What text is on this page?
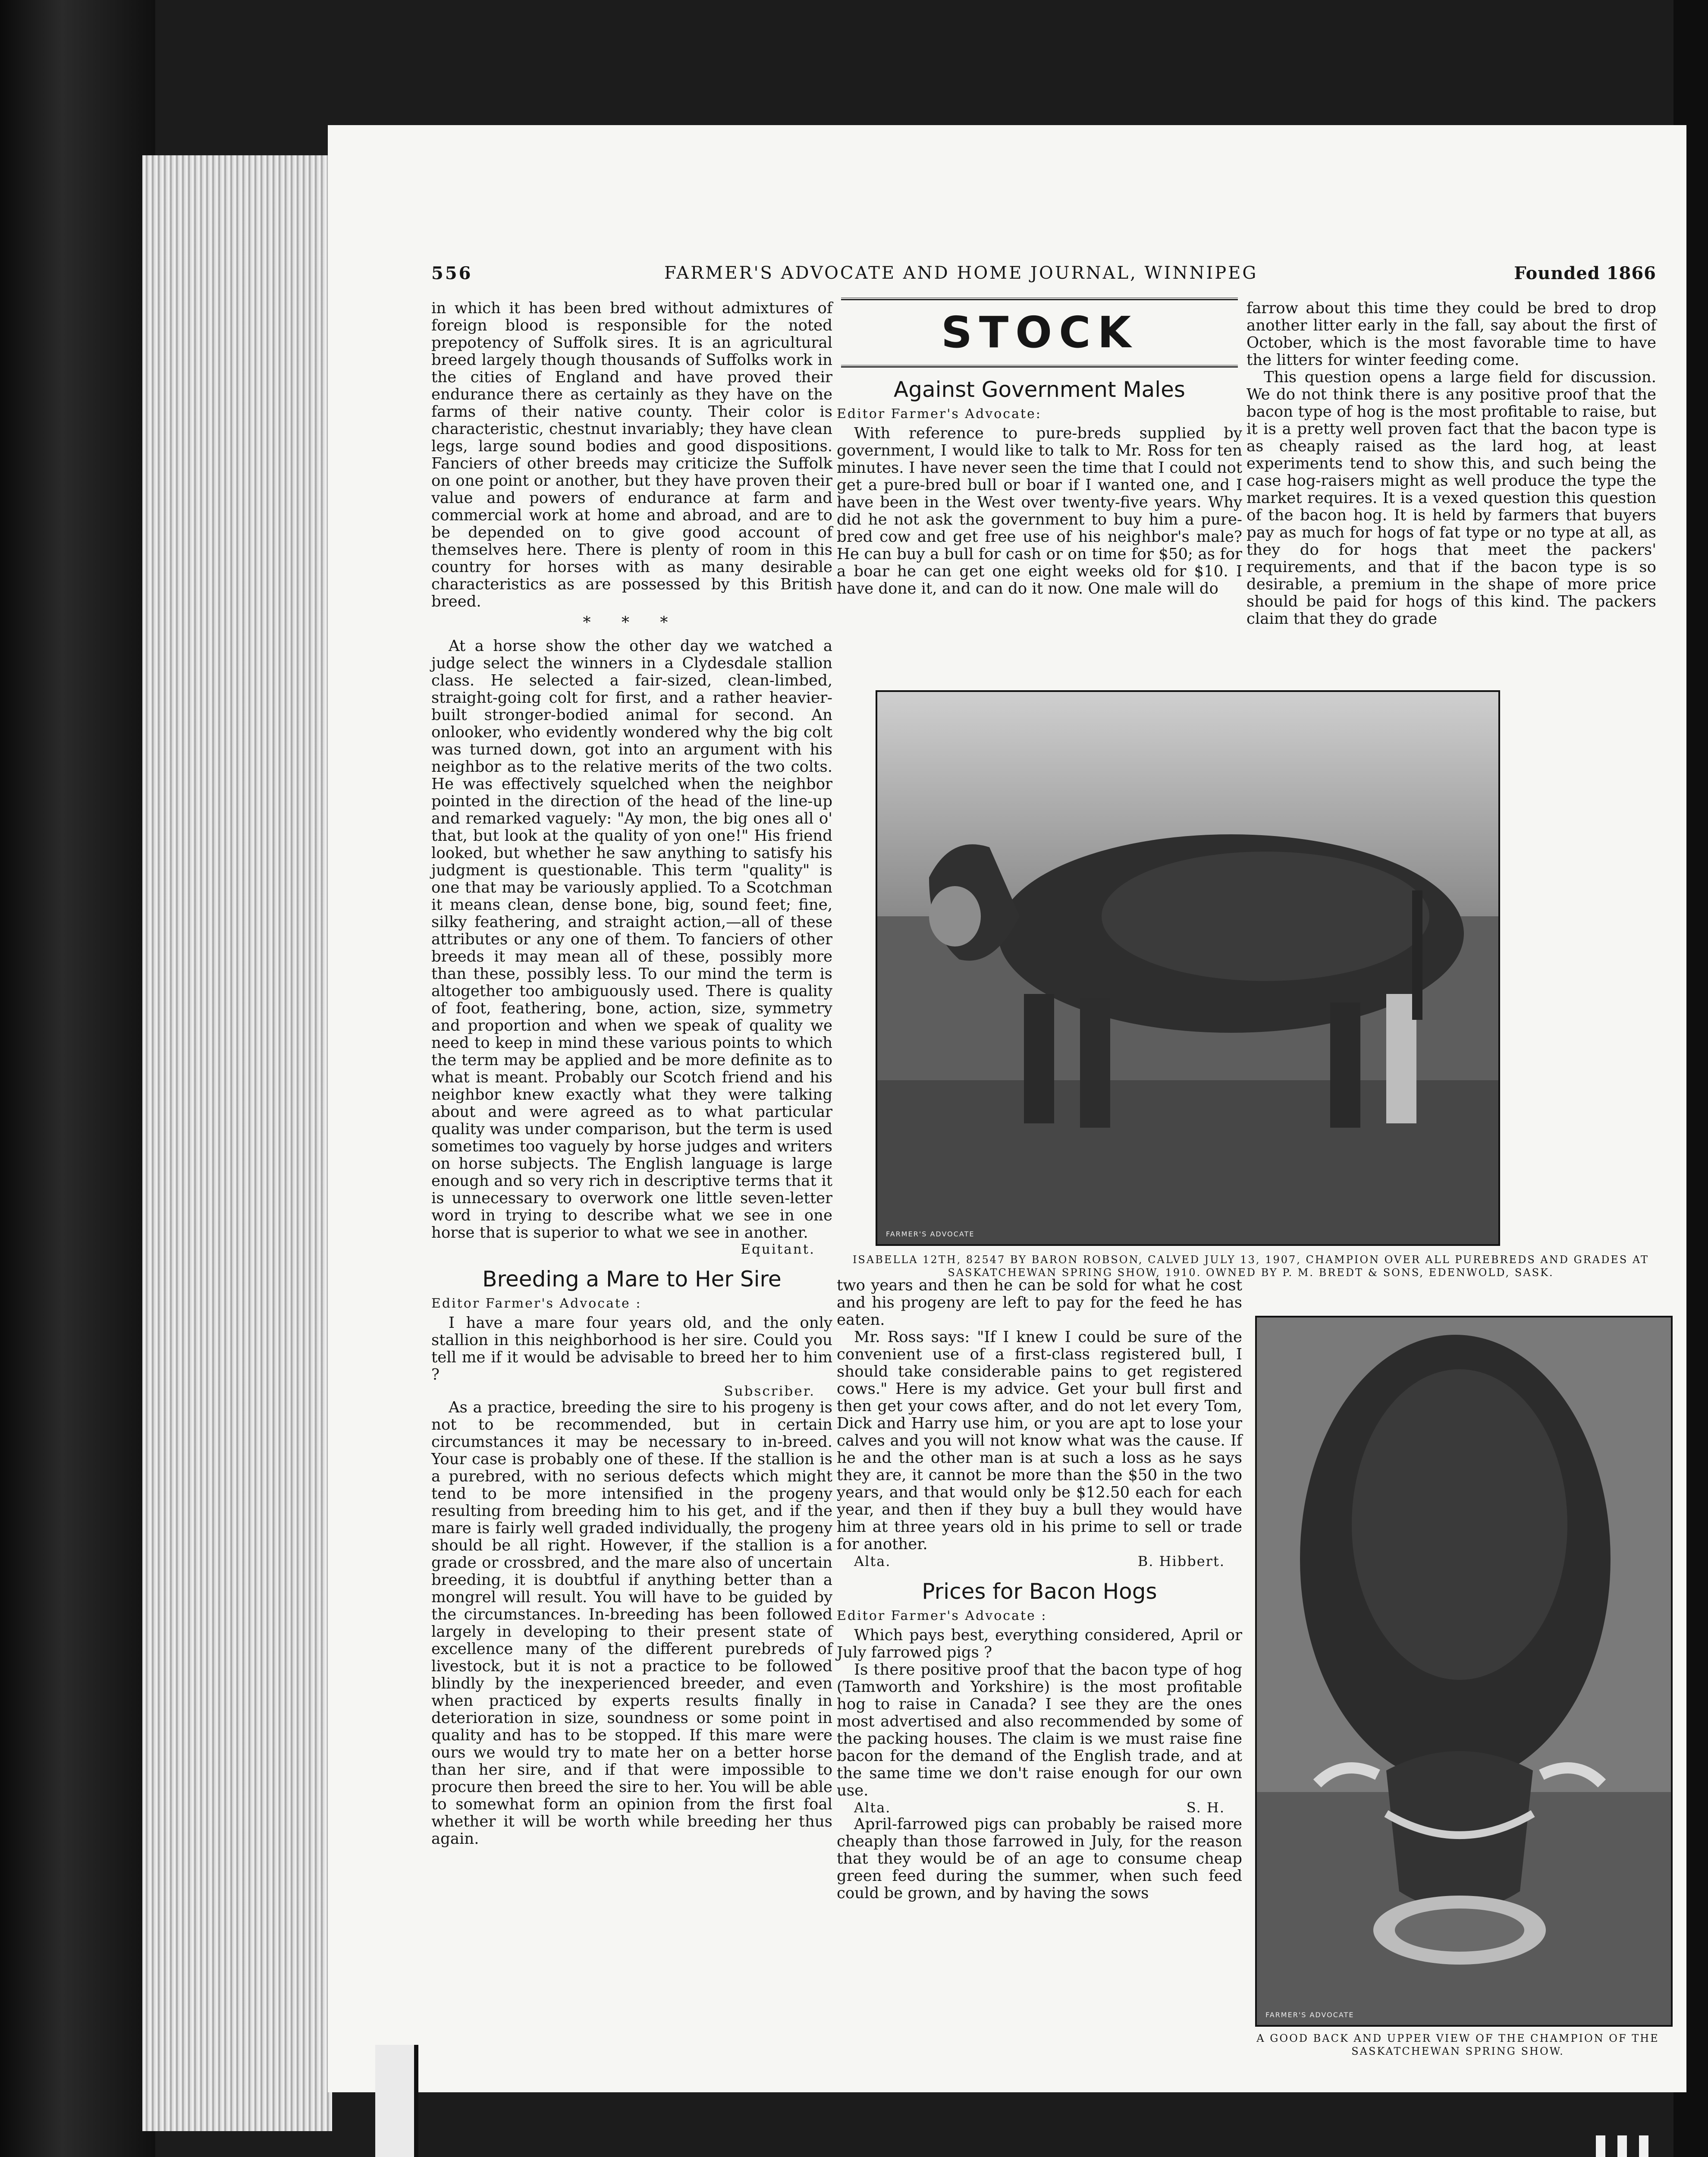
556	FARMER'S ADVOCATE AND HOME JOURNAL, WINNIPEG	Founded 1866

in which it has been bred without admixtures of foreign blood is responsible for the noted prepotency of Suffolk sires. It is an agricultural breed largely though thousands of Suffolks work in the cities of England and have proved their endurance there as certainly as they have on the farms of their native county. Their color is characteristic, chestnut invariably; they have clean legs, large sound bodies and good dispositions. Fanciers of other breeds may criticize the Suffolk on one point or another, but they have proven their value and powers of endurance at farm and commercial work at home and abroad, and are to be depended on to give good account of themselves here. There is plenty of room in this country for horses with as many desirable characteristics as are possessed by this British breed.

* * *

At a horse show the other day we watched a judge select the winners in a Clydesdale stallion class. He selected a fair-sized, clean-limbed, straight-going colt for first, and a rather heavier-built stronger-bodied animal for second. An onlooker, who evidently wondered why the big colt was turned down, got into an argument with his neighbor as to the relative merits of the two colts. He was effectively squelched when the neighbor pointed in the direction of the head of the line-up and remarked vaguely: "Ay mon, the big ones all o' that, but look at the quality of yon one!" His friend looked, but whether he saw anything to satisfy his judgment is questionable. This term "quality" is one that may be variously applied. To a Scotchman it means clean, dense bone, big, sound feet; fine, silky feathering, and straight action,—all of these attributes or any one of them. To fanciers of other breeds it may mean all of these, possibly more than these, possibly less. To our mind the term is altogether too ambiguously used. There is quality of foot, feathering, bone, action, size, symmetry and proportion and when we speak of quality we need to keep in mind these various points to which the term may be applied and be more definite as to what is meant. Probably our Scotch friend and his neighbor knew exactly what they were talking about and were agreed as to what particular quality was under comparison, but the term is used sometimes too vaguely by horse judges and writers on horse subjects. The English language is large enough and so very rich in descriptive terms that it is unnecessary to overwork one little seven-letter word in trying to describe what we see in one horse that is superior to what we see in another.

Equitant.
Breeding a Mare to Her Sire
Editor Farmer's Advocate :

I have a mare four years old, and the only stallion in this neighborhood is her sire. Could you tell me if it would be advisable to breed her to him ?

Subscriber.

As a practice, breeding the sire to his progeny is not to be recommended, but in certain circumstances it may be necessary to in-breed. Your case is probably one of these. If the stallion is a purebred, with no serious defects which might tend to be more intensified in the progeny resulting from breeding him to his get, and if the mare is fairly well graded individually, the progeny should be all right. However, if the stallion is a grade or crossbred, and the mare also of uncertain breeding, it is doubtful if anything better than a mongrel will result. You will have to be guided by the circumstances. In-breeding has been followed largely in developing to their present state of excellence many of the different purebreds of livestock, but it is not a practice to be followed blindly by the inexperienced breeder, and even when practiced by experts results finally in deterioration in size, soundness or some point in quality and has to be stopped. If this mare were ours we would try to mate her on a better horse than her sire, and if that were impossible to procure then breed the sire to her. You will be able to somewhat form an opinion from the first foal whether it will be worth while breeding her thus again.

STOCK
Against Government Males
Editor Farmer's Advocate:

With reference to pure-breds supplied by government, I would like to talk to Mr. Ross for ten minutes. I have never seen the time that I could not get a pure-bred bull or boar if I wanted one, and I have been in the West over twenty-five years. Why did he not ask the government to buy him a pure-bred cow and get free use of his neighbor's male? He can buy a bull for cash or on time for $50; as for a boar he can get one eight weeks old for $10. I have done it, and can do it now. One male will do

farrow about this time they could be bred to drop another litter early in the fall, say about the first of October, which is the most favorable time to have the litters for winter feeding come.

This question opens a large field for discussion. We do not think there is any positive proof that the bacon type of hog is the most profitable to raise, but it is a pretty well proven fact that the bacon type is as cheaply raised as the lard hog, at least experiments tend to show this, and such being the case hog-raisers might as well produce the type the market requires. It is a vexed question this question of the bacon hog. It is held by farmers that buyers pay as much for hogs of fat type or no type at all, as they do for hogs that meet the packers' requirements, and that if the bacon type is so desirable, a premium in the shape of more price should be paid for hogs of this kind. The packers claim that they do grade

FARMER'S ADVOCATE
ISABELLA 12TH, 82547 BY BARON ROBSON, CALVED JULY 13, 1907, CHAMPION OVER ALL PUREBREDS AND GRADES AT SASKATCHEWAN SPRING SHOW, 1910. OWNED BY P. M. BREDT & SONS, EDENWOLD, SASK.

two years and then he can be sold for what he cost and his progeny are left to pay for the feed he has eaten.

Mr. Ross says: "If I knew I could be sure of the convenient use of a first-class registered bull, I should take considerable pains to get registered cows." Here is my advice. Get your bull first and then get your cows after, and do not let every Tom, Dick and Harry use him, or you are apt to lose your calves and you will not know what was the cause. If he and the other man is at such a loss as he says they are, it cannot be more than the $50 in the two years, and that would only be $12.50 each for each year, and then if they buy a bull they would have him at three years old in his prime to sell or trade for another.

Alta.	B. Hibbert.
Prices for Bacon Hogs
Editor Farmer's Advocate :

Which pays best, everything considered, April or July farrowed pigs ?

Is there positive proof that the bacon type of hog (Tamworth and Yorkshire) is the most profitable hog to raise in Canada? I see they are the ones most advertised and also recommended by some of the packing houses. The claim is we must raise fine bacon for the demand of the English trade, and at the same time we don't raise enough for our own use.

Alta.	S. H.

April-farrowed pigs can probably be raised more cheaply than those farrowed in July, for the reason that they would be of an age to consume cheap green feed during the summer, when such feed could be grown, and by having the sows

FARMER'S ADVOCATE
A GOOD BACK AND UPPER VIEW OF THE CHAMPION OF THE SASKATCHEWAN SPRING SHOW.
